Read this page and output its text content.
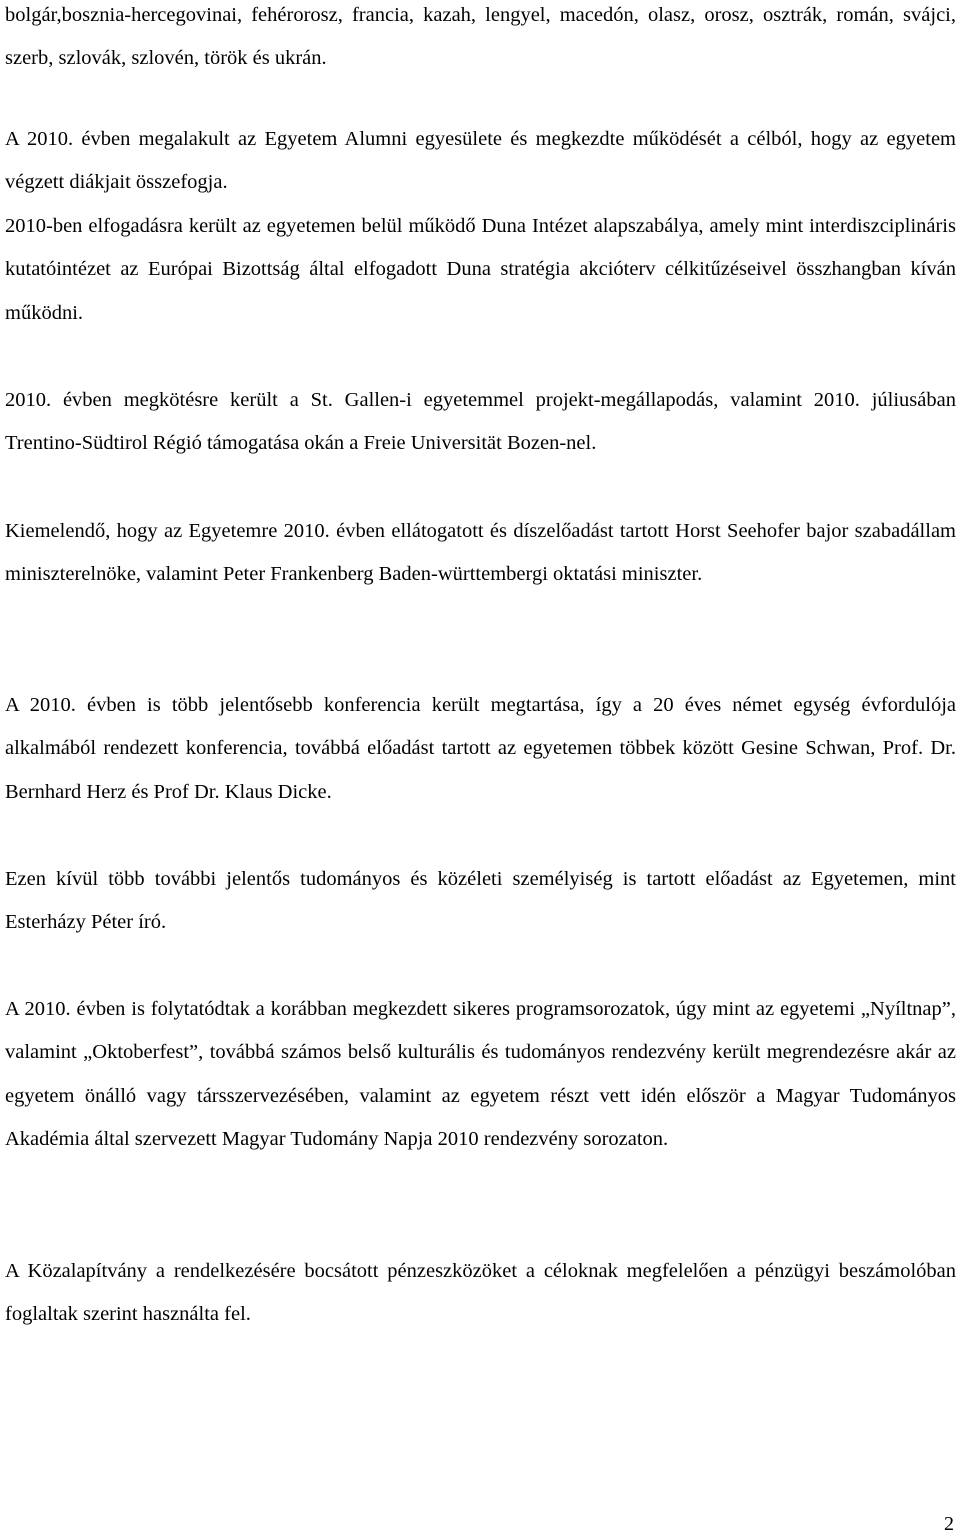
bolgár,bosznia-hercegovinai, fehérorosz, francia, kazah, lengyel, macedón, olasz, orosz, osztrák, román, svájci, szerb, szlovák, szlovén, török és ukrán.

A 2010. évben megalakult az Egyetem Alumni egyesülete és megkezdte működését a célból, hogy az egyetem végzett diákjait összefogja.

2010-ben elfogadásra került az egyetemen belül működő Duna Intézet alapszabálya, amely mint interdiszciplináris kutatóintézet az Európai Bizottság által elfogadott Duna stratégia akcióterv célkitűzéseivel összhangban kíván működni.

2010. évben megkötésre került a St. Gallen-i egyetemmel projekt-megállapodás, valamint 2010. júliusában Trentino-Südtirol Régió támogatása okán a Freie Universität Bozen-nel.

Kiemelendő, hogy az Egyetemre 2010. évben ellátogatott és díszelőadást tartott Horst Seehofer bajor szabadállam miniszterelnöke, valamint Peter Frankenberg Baden-württembergi oktatási miniszter.

A 2010. évben is több jelentősebb konferencia került megtartása, így a 20 éves német egység évfordulója alkalmából rendezett konferencia, továbbá előadást tartott az egyetemen többek között Gesine Schwan, Prof. Dr. Bernhard Herz és Prof Dr. Klaus Dicke.

Ezen kívül több további jelentős tudományos és közéleti személyiség is tartott előadást az Egyetemen, mint Esterházy Péter író.

A 2010. évben is folytatódtak a korábban megkezdett sikeres programsorozatok, úgy mint az egyetemi „Nyíltnap”, valamint „Oktoberfest”, továbbá számos belső kulturális és tudományos rendezvény került megrendezésre akár az egyetem önálló vagy társszervezésében, valamint az egyetem részt vett idén először a Magyar Tudományos Akadémia által szervezett Magyar Tudomány Napja 2010 rendezvény sorozaton.

A Közalapítvány a rendelkezésére bocsátott pénzeszközöket a céloknak megfelelően a pénzügyi beszámolóban foglaltak szerint használta fel.

2
